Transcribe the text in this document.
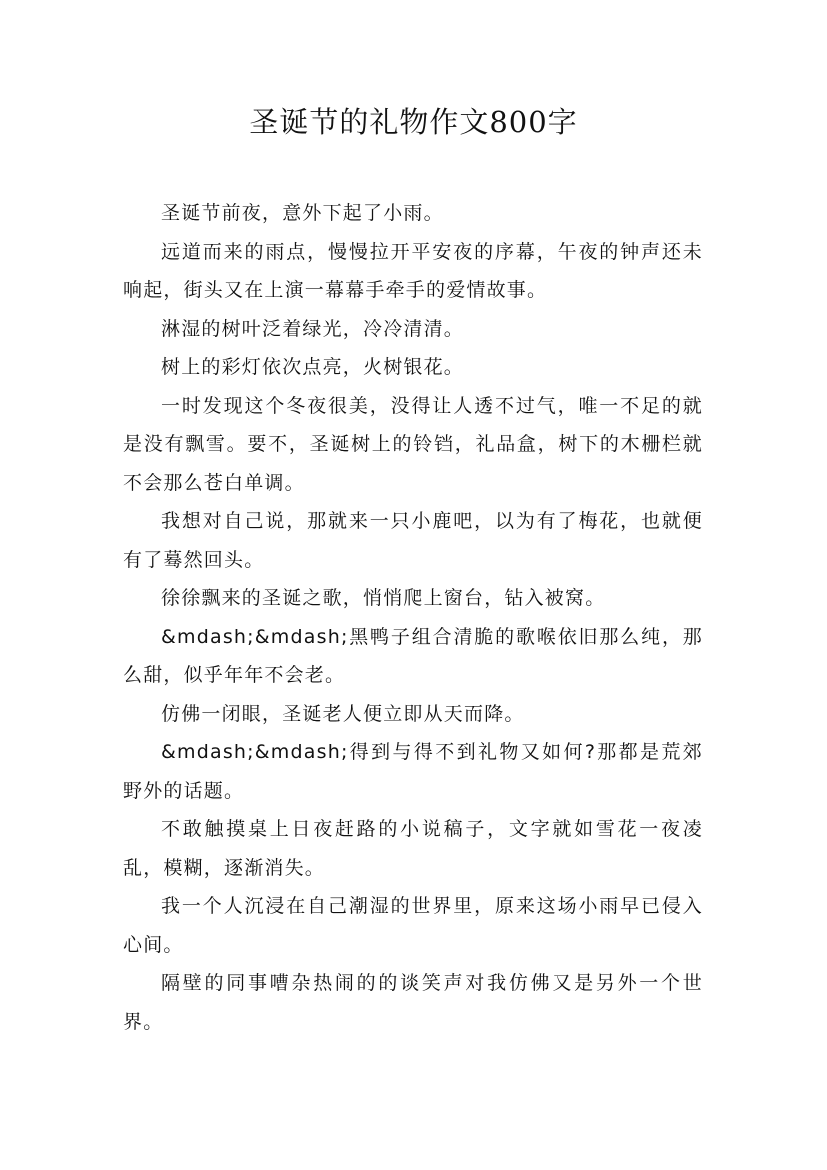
圣诞节的礼物作文800字

圣诞节前夜，意外下起了小雨。

远道而来的雨点，慢慢拉开平安夜的序幕，午夜的钟声还未响起，街头又在上演一幕幕手牵手的爱情故事。

淋湿的树叶泛着绿光，冷冷清清。

树上的彩灯依次点亮，火树银花。

一时发现这个冬夜很美，没得让人透不过气，唯一不足的就是没有飘雪。要不，圣诞树上的铃铛，礼品盒，树下的木栅栏就不会那么苍白单调。

我想对自己说，那就来一只小鹿吧，以为有了梅花，也就便有了蓦然回头。

徐徐飘来的圣诞之歌，悄悄爬上窗台，钻入被窝。

&mdash;&mdash;黑鸭子组合清脆的歌喉依旧那么纯，那么甜，似乎年年不会老。

仿佛一闭眼，圣诞老人便立即从天而降。

&mdash;&mdash;得到与得不到礼物又如何?那都是荒郊野外的话题。

不敢触摸桌上日夜赶路的小说稿子，文字就如雪花一夜凌乱，模糊，逐渐消失。

我一个人沉浸在自己潮湿的世界里，原来这场小雨早已侵入心间。

隔壁的同事嘈杂热闹的的谈笑声对我仿佛又是另外一个世界。
